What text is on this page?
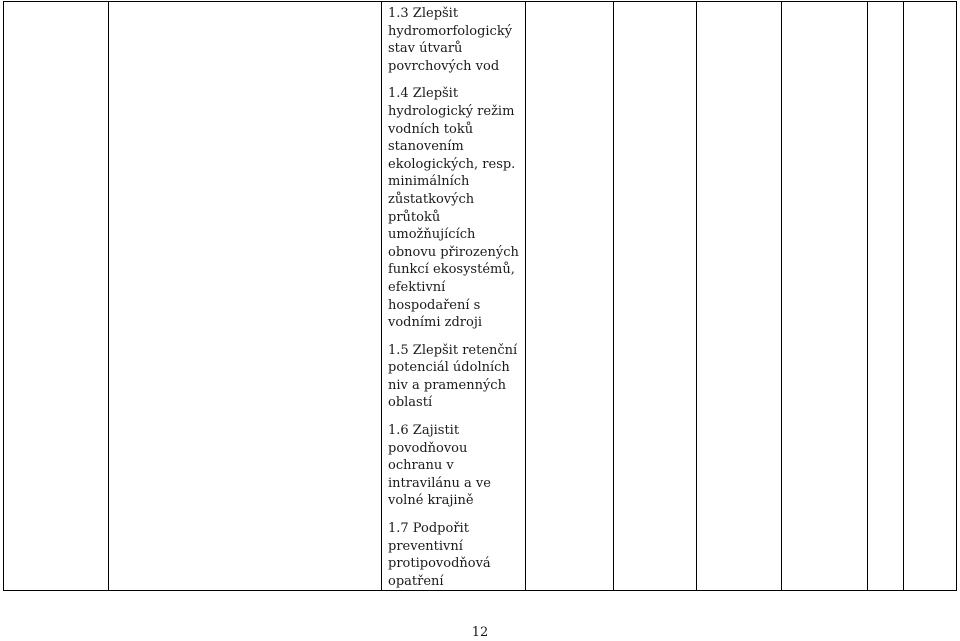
1.3 Zlepšit hydromorfologický stav útvarů povrchových vod

1.4 Zlepšit hydrologický režim vodních toků stanovením ekologických, resp. minimálních zůstatkových průtoků umožňujících obnovu přirozených funkcí ekosystémů, efektivní hospodaření s vodními zdroji

1.5 Zlepšit retenční potenciál údolních niv a pramenných oblastí

1.6 Zajistit povodňovou ochranu v intravilánu a ve volné krajině

1.7 Podpořit preventivní protipovodňová opatření

12
